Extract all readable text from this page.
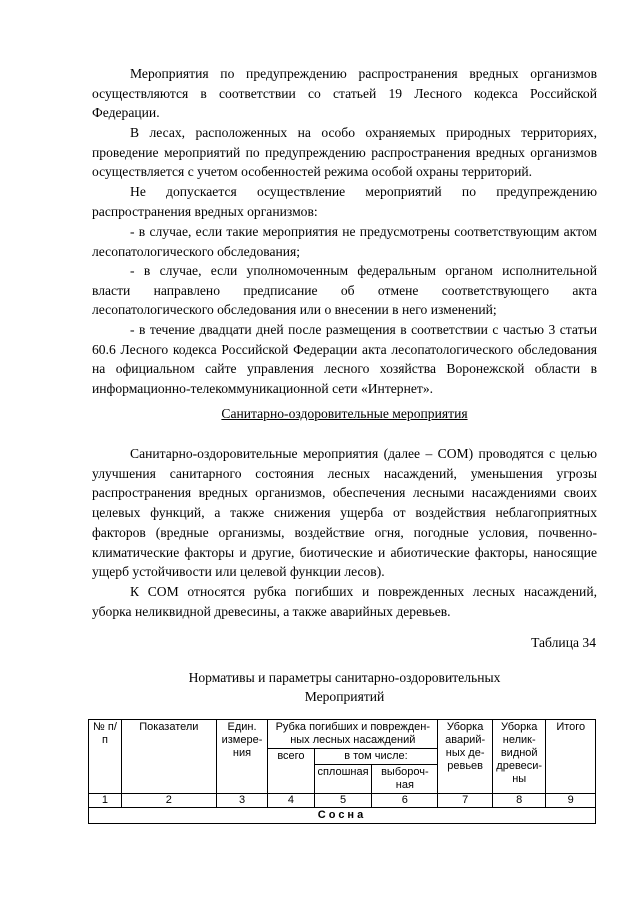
Мероприятия по предупреждению распространения вредных организмов осуществляются в соответствии со статьей 19 Лесного кодекса Российской Федерации.

В лесах, расположенных на особо охраняемых природных территориях, проведение мероприятий по предупреждению распространения вредных организмов осуществляется с учетом особенностей режима особой охраны территорий.

Не допускается осуществление мероприятий по предупреждению распространения вредных организмов:

- в случае, если такие мероприятия не предусмотрены соответствующим актом лесопатологического обследования;

- в случае, если уполномоченным федеральным органом исполнительной власти направлено предписание об отмене соответствующего акта лесопатологического обследования или о внесении в него изменений;

- в течение двадцати дней после размещения в соответствии с частью 3 статьи 60.6 Лесного кодекса Российской Федерации акта лесопатологического обследования на официальном сайте управления лесного хозяйства Воронежской области в информационно-телекоммуникационной сети «Интернет».

Санитарно-оздоровительные мероприятия

Санитарно-оздоровительные мероприятия (далее – СОМ) проводятся с целью улучшения санитарного состояния лесных насаждений, уменьшения угрозы распространения вредных организмов, обеспечения лесными насаждениями своих целевых функций, а также снижения ущерба от воздействия неблагоприятных факторов (вредные организмы, воздействие огня, погодные условия, почвенно-климатические факторы и другие, биотические и абиотические факторы, наносящие ущерб устойчивости или целевой функции лесов).

К СОМ относятся рубка погибших и поврежденных лесных насаждений, уборка неликвидной древесины, а также аварийных деревьев.

Таблица 34

Нормативы и параметры санитарно-оздоровительных

Мероприятий

№ п/п	Показатели	Един. измере-ния	Рубка погибших и поврежден-ных лесных насаждений			Уборка аварий-ных де-ревьев	Уборка нелик-видной древеси-ны	Итого
			всего	в том числе:				
				сплошная	выбороч-ная			
1	2	3	4	5	6	7	8	9
Сосна								
